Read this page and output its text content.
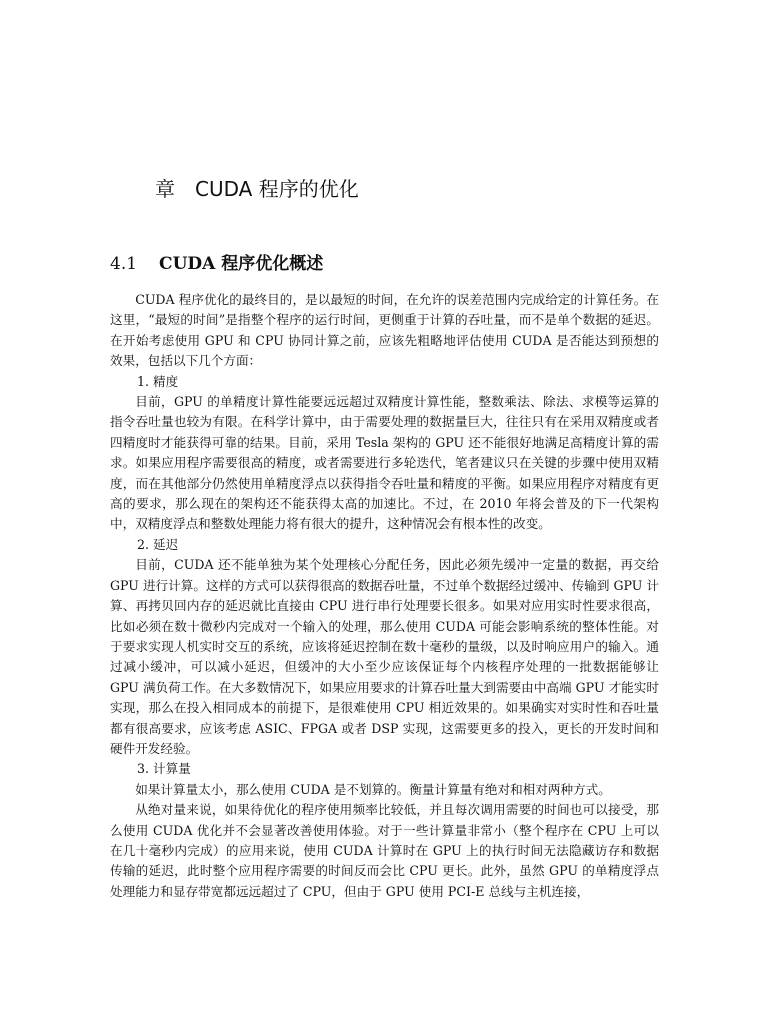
章 CUDA 程序的优化
4.1 CUDA 程序优化概述

CUDA 程序优化的最终目的，是以最短的时间，在允许的误差范围内完成给定的计算任务。在这里，“最短的时间”是指整个程序的运行时间，更侧重于计算的吞吐量，而不是单个数据的延迟。在开始考虑使用 GPU 和 CPU 协同计算之前，应该先粗略地评估使用 CUDA 是否能达到预想的效果，包括以下几个方面：

1. 精度

目前，GPU 的单精度计算性能要远远超过双精度计算性能，整数乘法、除法、求模等运算的指令吞吐量也较为有限。在科学计算中，由于需要处理的数据量巨大，往往只有在采用双精度或者四精度时才能获得可靠的结果。目前，采用 Tesla 架构的 GPU 还不能很好地满足高精度计算的需求。如果应用程序需要很高的精度，或者需要进行多轮迭代，笔者建议只在关键的步骤中使用双精度，而在其他部分仍然使用单精度浮点以获得指令吞吐量和精度的平衡。如果应用程序对精度有更高的要求，那么现在的架构还不能获得太高的加速比。不过，在 2010 年将会普及的下一代架构中，双精度浮点和整数处理能力将有很大的提升，这种情况会有根本性的改变。

2. 延迟

目前，CUDA 还不能单独为某个处理核心分配任务，因此必须先缓冲一定量的数据，再交给 GPU 进行计算。这样的方式可以获得很高的数据吞吐量，不过单个数据经过缓冲、传输到 GPU 计算、再拷贝回内存的延迟就比直接由 CPU 进行串行处理要长很多。如果对应用实时性要求很高，比如必须在数十微秒内完成对一个输入的处理，那么使用 CUDA 可能会影响系统的整体性能。对于要求实现人机实时交互的系统，应该将延迟控制在数十毫秒的量级，以及时响应用户的输入。通过减小缓冲，可以减小延迟，但缓冲的大小至少应该保证每个内核程序处理的一批数据能够让 GPU 满负荷工作。在大多数情况下，如果应用要求的计算吞吐量大到需要由中高端 GPU 才能实时实现，那么在投入相同成本的前提下，是很难使用 CPU 相近效果的。如果确实对实时性和吞吐量都有很高要求，应该考虑 ASIC、FPGA 或者 DSP 实现，这需要更多的投入，更长的开发时间和硬件开发经验。

3. 计算量

如果计算量太小，那么使用 CUDA 是不划算的。衡量计算量有绝对和相对两种方式。

从绝对量来说，如果待优化的程序使用频率比较低，并且每次调用需要的时间也可以接受，那么使用 CUDA 优化并不会显著改善使用体验。对于一些计算量非常小（整个程序在 CPU 上可以在几十毫秒内完成）的应用来说，使用 CUDA 计算时在 GPU 上的执行时间无法隐藏访存和数据传输的延迟，此时整个应用程序需要的时间反而会比 CPU 更长。此外，虽然 GPU 的单精度浮点处理能力和显存带宽都远远超过了 CPU，但由于 GPU 使用 PCI-E 总线与主机连接，
